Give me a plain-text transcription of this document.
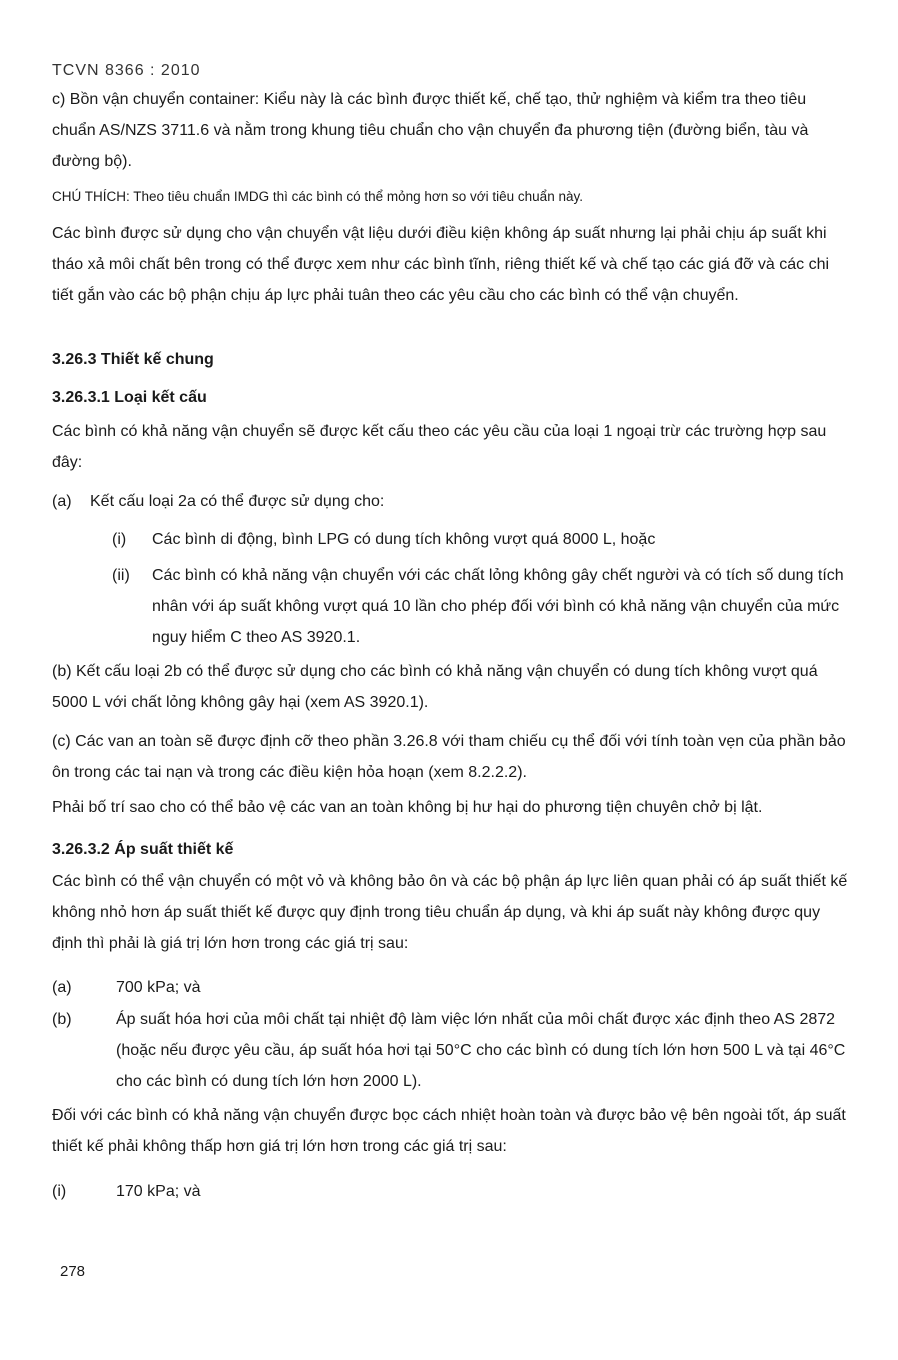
TCVN 8366 : 2010

c) Bồn vận chuyển container: Kiểu này là các bình được thiết kế, chế tạo, thử nghiệm và kiểm tra theo tiêu chuẩn AS/NZS 3711.6 và nằm trong khung tiêu chuẩn cho vận chuyển đa phương tiện (đường biển, tàu và đường bộ).

CHÚ THÍCH: Theo tiêu chuẩn IMDG thì các bình có thể mỏng hơn so với tiêu chuẩn này.

Các bình được sử dụng cho vận chuyển vật liệu dưới điều kiện không áp suất nhưng lại phải chịu áp suất khi tháo xả môi chất bên trong có thể được xem như các bình tĩnh, riêng thiết kế và chế tạo các giá đỡ và các chi tiết gắn vào các bộ phận chịu áp lực phải tuân theo các yêu cầu cho các bình có thể vận chuyển.

3.26.3 Thiết kế chung

3.26.3.1 Loại kết cấu

Các bình có khả năng vận chuyển sẽ được kết cấu theo các yêu cầu của loại 1 ngoại trừ các trường hợp sau đây:

(a)	Kết cấu loại 2a có thể được sử dụng cho:
(i)	Các bình di động, bình LPG có dung tích không vượt quá 8000 L, hoặc
(ii)	Các bình có khả năng vận chuyển với các chất lỏng không gây chết người và có tích số dung tích nhân với áp suất không vượt quá 10 lần cho phép đối với bình có khả năng vận chuyển của mức nguy hiểm C theo AS 3920.1.

(b) Kết cấu loại 2b có thể được sử dụng cho các bình có khả năng vận chuyển có dung tích không vượt quá 5000 L với chất lỏng không gây hại (xem AS 3920.1).

(c) Các van an toàn sẽ được định cỡ theo phần 3.26.8 với tham chiếu cụ thể đối với tính toàn vẹn của phần bảo ôn trong các tai nạn và trong các điều kiện hỏa hoạn (xem 8.2.2.2).

Phải bố trí sao cho có thể bảo vệ các van an toàn không bị hư hại do phương tiện chuyên chở bị lật.

3.26.3.2 Áp suất thiết kế

Các bình có thể vận chuyển có một vỏ và không bảo ôn và các bộ phận áp lực liên quan phải có áp suất thiết kế không nhỏ hơn áp suất thiết kế được quy định trong tiêu chuẩn áp dụng, và khi áp suất này không được quy định thì phải là giá trị lớn hơn trong các giá trị sau:

(a)	700 kPa; và
(b)	Áp suất hóa hơi của môi chất tại nhiệt độ làm việc lớn nhất của môi chất được xác định theo AS 2872 (hoặc nếu được yêu cầu, áp suất hóa hơi tại 50°C cho các bình có dung tích lớn hơn 500 L và tại 46°C cho các bình có dung tích lớn hơn 2000 L).

Đối với các bình có khả năng vận chuyển được bọc cách nhiệt hoàn toàn và được bảo vệ bên ngoài tốt, áp suất thiết kế phải không thấp hơn giá trị lớn hơn trong các giá trị sau:

(i)	170 kPa; và
278
